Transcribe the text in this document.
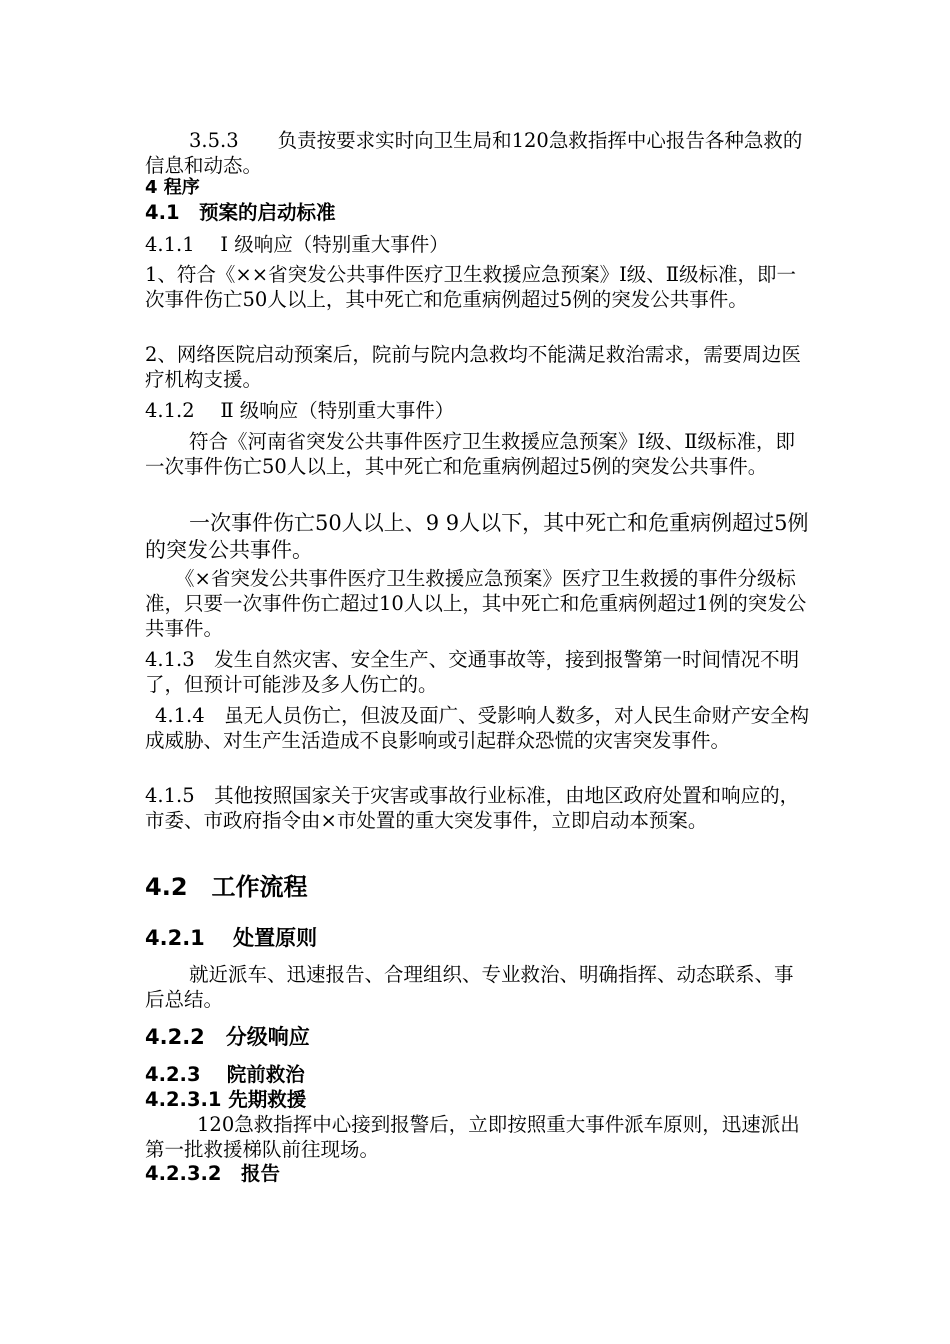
3.5.3　　负责按要求实时向卫生局和120急救指挥中心报告各种急救的信息和动态。

4 程序

4.1　预案的启动标准

4.1.1　 Ⅰ 级响应（特别重大事件）

1、符合《××省突发公共事件医疗卫生救援应急预案》Ⅰ级、Ⅱ级标准，即一次事件伤亡50人以上，其中死亡和危重病例超过5例的突发公共事件。

2、网络医院启动预案后，院前与院内急救均不能满足救治需求，需要周边医疗机构支援。

4.1.2　 Ⅱ 级响应（特别重大事件）

符合《河南省突发公共事件医疗卫生救援应急预案》Ⅰ级、Ⅱ级标准，即一次事件伤亡50人以上，其中死亡和危重病例超过5例的突发公共事件。

一次事件伤亡50人以上、9 9人以下，其中死亡和危重病例超过5例的突发公共事件。

《×省突发公共事件医疗卫生救援应急预案》医疗卫生救援的事件分级标准，只要一次事件伤亡超过10人以上，其中死亡和危重病例超过1例的突发公共事件。

4.1.3　发生自然灾害、安全生产、交通事故等，接到报警第一时间情况不明了，但预计可能涉及多人伤亡的。

4.1.4　虽无人员伤亡，但波及面广、受影响人数多，对人民生命财产安全构成威胁、对生产生活造成不良影响或引起群众恐慌的灾害突发事件。

4.1.5　其他按照国家关于灾害或事故行业标准，由地区政府处置和响应的，市委、市政府指令由×市处置的重大突发事件，立即启动本预案。

4.2　工作流程

4.2.1　 处置原则

就近派车、迅速报告、合理组织、专业救治、明确指挥、动态联系、事后总结。

4.2.2　分级响应

4.2.3　 院前救治

4.2.3.1 先期救援

120急救指挥中心接到报警后，立即按照重大事件派车原则，迅速派出第一批救援梯队前往现场。

4.2.3.2　报告
